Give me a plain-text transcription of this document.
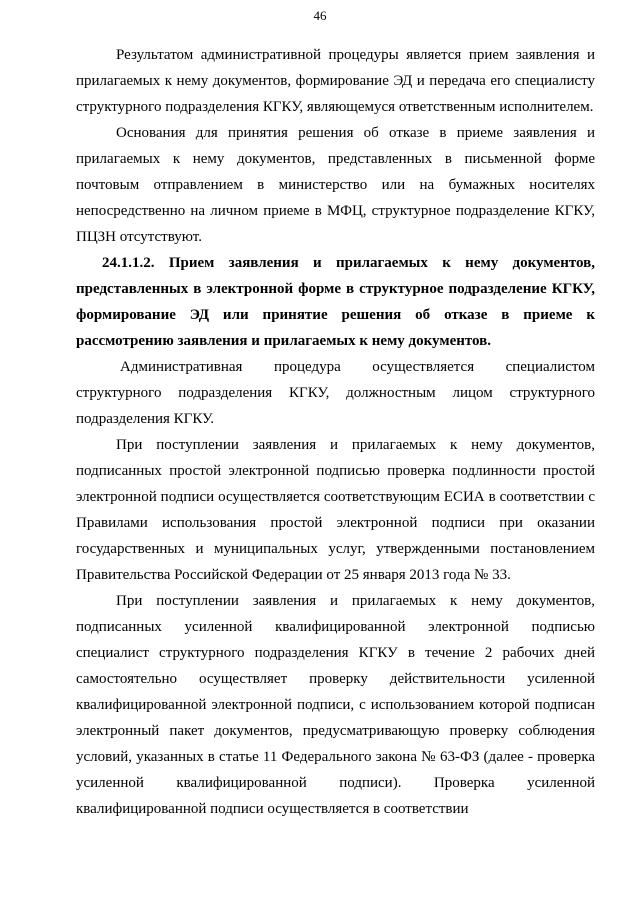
46

Результатом административной процедуры является прием заявления и прилагаемых к нему документов, формирование ЭД и передача его специалисту структурного подразделения КГКУ, являющемуся ответственным исполнителем.

Основания для принятия решения об отказе в приеме заявления и прилагаемых к нему документов, представленных в письменной форме почтовым отправлением в министерство или на бумажных носителях непосредственно на личном приеме в МФЦ, структурное подразделение КГКУ, ПЦЗН отсутствуют.

24.1.1.2. Прием заявления и прилагаемых к нему документов, представленных в электронной форме в структурное подразделение КГКУ, формирование ЭД или принятие решения об отказе в приеме к рассмотрению заявления и прилагаемых к нему документов.

Административная процедура осуществляется специалистом структурного подразделения КГКУ, должностным лицом структурного подразделения КГКУ.

При поступлении заявления и прилагаемых к нему документов, подписанных простой электронной подписью проверка подлинности простой электронной подписи осуществляется соответствующим ЕСИА в соответствии с Правилами использования простой электронной подписи при оказании государственных и муниципальных услуг, утвержденными постановлением Правительства Российской Федерации от 25 января 2013 года № 33.

При поступлении заявления и прилагаемых к нему документов, подписанных усиленной квалифицированной электронной подписью специалист структурного подразделения КГКУ в течение 2 рабочих дней самостоятельно осуществляет проверку действительности усиленной квалифицированной электронной подписи, с использованием которой подписан электронный пакет документов, предусматривающую проверку соблюдения условий, указанных в статье 11 Федерального закона № 63-ФЗ (далее - проверка усиленной квалифицированной подписи). Проверка усиленной квалифицированной подписи осуществляется в соответствии
